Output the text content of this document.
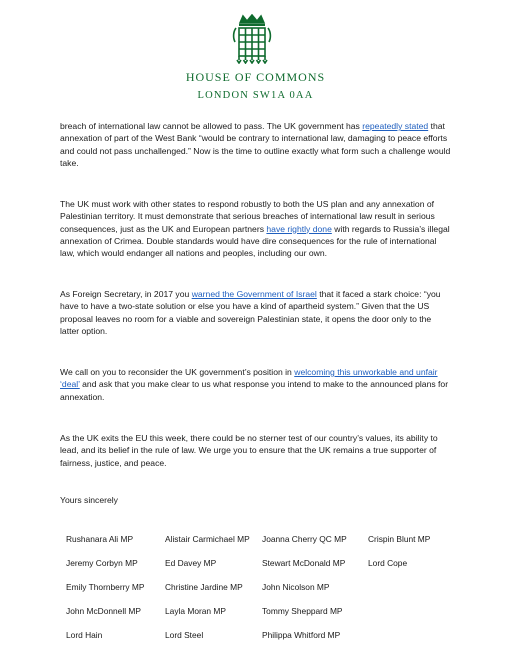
HOUSE OF COMMONS
LONDON SW1A 0AA

breach of international law cannot be allowed to pass. The UK government has repeatedly stated that annexation of part of the West Bank “would be contrary to international law, damaging to peace efforts and could not pass unchallenged.” Now is the time to outline exactly what form such a challenge would take.

The UK must work with other states to respond robustly to both the US plan and any annexation of Palestinian territory. It must demonstrate that serious breaches of international law result in serious consequences, just as the UK and European partners have rightly done with regards to Russia’s illegal annexation of Crimea. Double standards would have dire consequences for the rule of international law, which would endanger all nations and peoples, including our own.

As Foreign Secretary, in 2017 you warned the Government of Israel that it faced a stark choice: “you have to have a two-state solution or else you have a kind of apartheid system.” Given that the US proposal leaves no room for a viable and sovereign Palestinian state, it opens the door only to the latter option.

We call on you to reconsider the UK government’s position in welcoming this unworkable and unfair ‘deal’ and ask that you make clear to us what response you intend to make to the announced plans for annexation.

As the UK exits the EU this week, there could be no sterner test of our country’s values, its ability to lead, and its belief in the rule of law. We urge you to ensure that the UK remains a true supporter of fairness, justice, and peace.

Yours sincerely
Rushanara Ali MP	Alistair Carmichael MP Joanna Cherry QC MP	Crispin Blunt MP
Jeremy Corbyn MP	Ed Davey MP	Stewart McDonald MP	Lord Cope
Emily Thornberry MP Christine Jardine MP John Nicolson MP
John McDonnell MP	Layla Moran MP	Tommy Sheppard MP
Lord Hain	Lord Steel	Philippa Whitford MP
